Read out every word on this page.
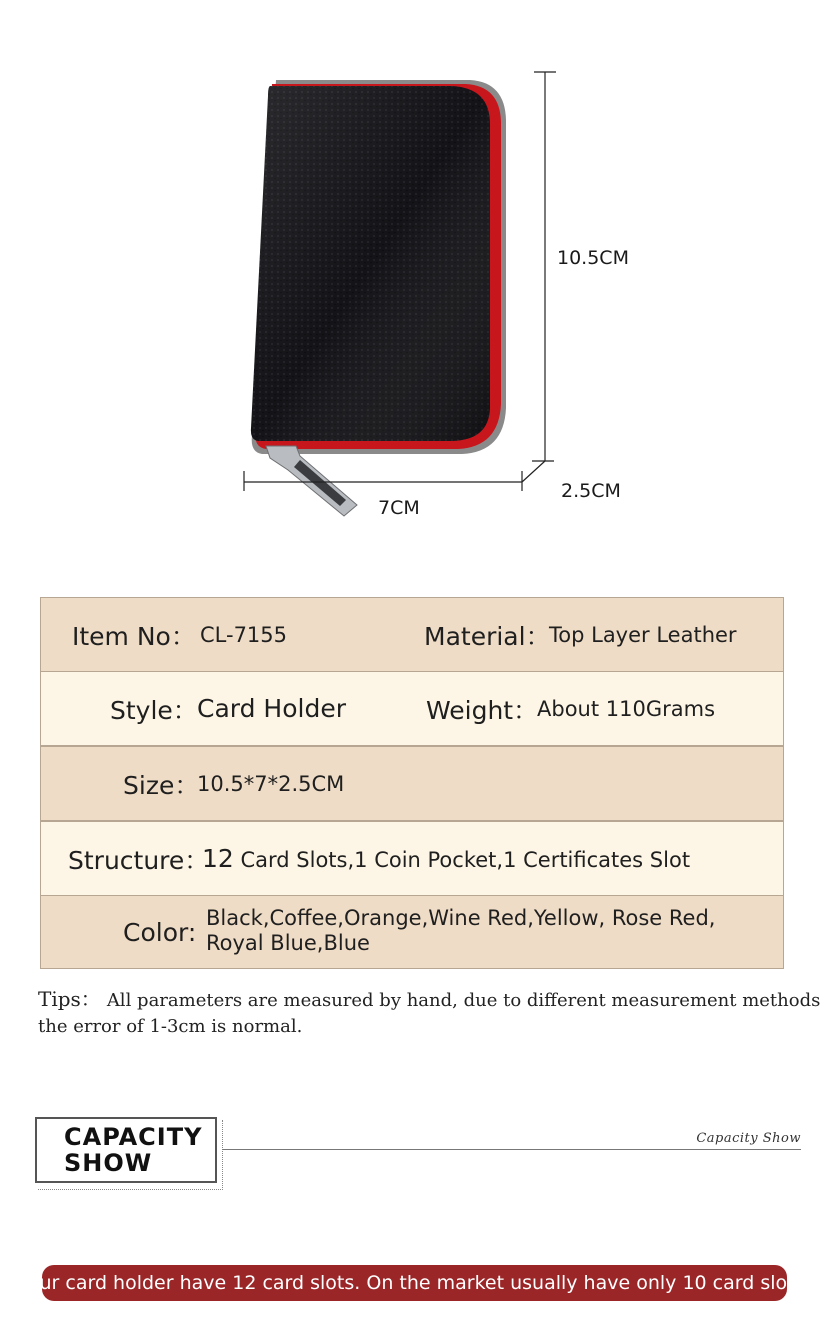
10.5CM
2.5CM
7CM
Item No： CL-7155	Material：
Top Layer Leather
Style： Card Holder	Weight：
About 110Grams
Size：
10.5*7*2.5CM
Structure：
12 Card Slots,1 Coin Pocket,1 Certificates Slot
Color: Black,Coffee,Orange,Wine Red,Yellow, Rose Red,
Royal Blue,Blue
Tips： All parameters are measured by hand, due to different measurement methods
the error of 1-3cm is normal.
CAPACITY
SHOW
Capacity Show
Our card holder have 12 card slots. On the market usually have only 10 card slots
